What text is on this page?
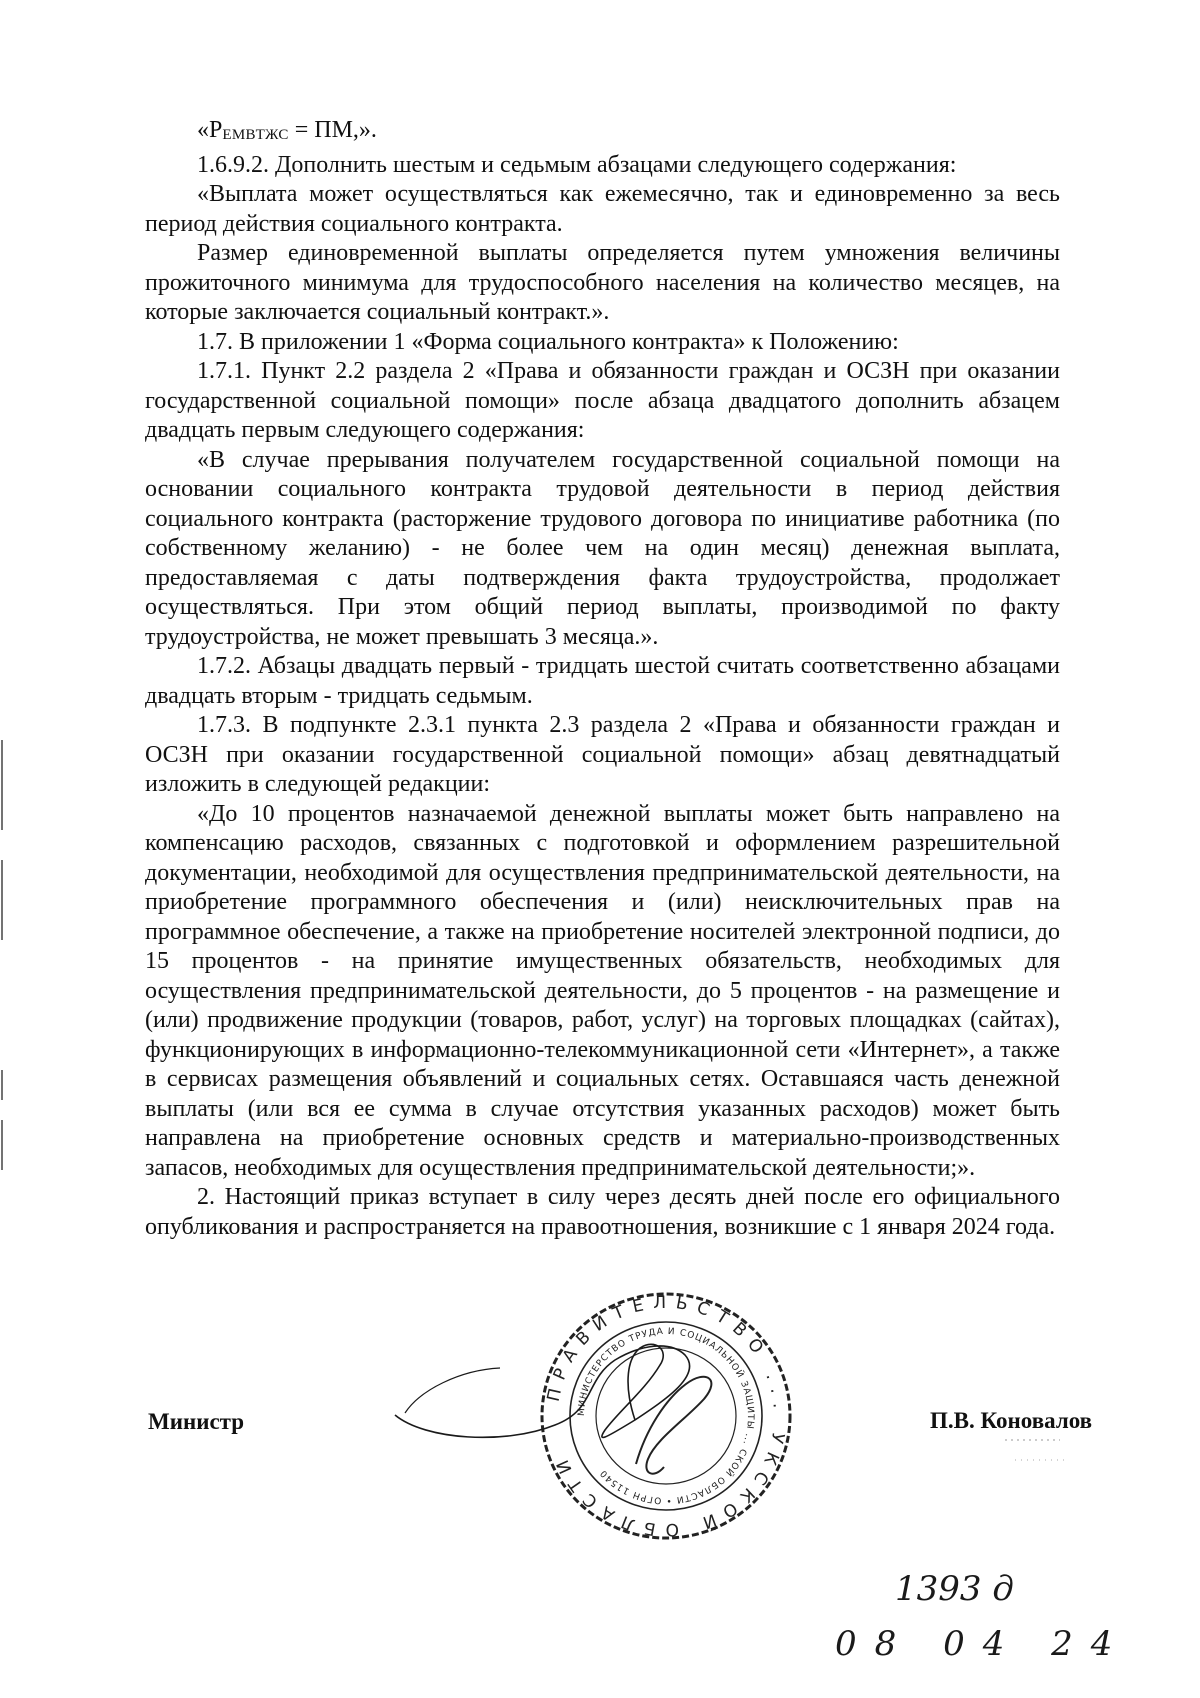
«$Р_{ЕМВТЖС}$ = ПМ,».

1.6.9.2. Дополнить шестым и седьмым абзацами следующего содержания:

«Выплата может осуществляться как ежемесячно, так и единовременно за весь период действия социального контракта.

Размер единовременной выплаты определяется путем умножения величины прожиточного минимума для трудоспособного населения на количество месяцев, на которые заключается социальный контракт.».

1.7. В приложении 1 «Форма социального контракта» к Положению:

1.7.1. Пункт 2.2 раздела 2 «Права и обязанности граждан и ОСЗН при оказании государственной социальной помощи» после абзаца двадцатого дополнить абзацем двадцать первым следующего содержания:

«В случае прерывания получателем государственной социальной помощи на основании социального контракта трудовой деятельности в период действия социального контракта (расторжение трудового договора по инициативе работника (по собственному желанию) - не более чем на один месяц) денежная выплата, предоставляемая с даты подтверждения факта трудоустройства, продолжает осуществляться. При этом общий период выплаты, производимой по факту трудоустройства, не может превышать 3 месяца.».

1.7.2. Абзацы двадцать первый - тридцать шестой считать соответственно абзацами двадцать вторым - тридцать седьмым.

1.7.3. В подпункте 2.3.1 пункта 2.3 раздела 2 «Права и обязанности граждан и ОСЗН при оказании государственной социальной помощи» абзац девятнадцатый изложить в следующей редакции:

«До 10 процентов назначаемой денежной выплаты может быть направлено на компенсацию расходов, связанных с подготовкой и оформлением разрешительной документации, необходимой для осуществления предпринимательской деятельности, на приобретение программного обеспечения и (или) неисключительных прав на программное обеспечение, а также на приобретение носителей электронной подписи, до 15 процентов - на принятие имущественных обязательств, необходимых для осуществления предпринимательской деятельности, до 5 процентов - на размещение и (или) продвижение продукции (товаров, работ, услуг) на торговых площадках (сайтах), функционирующих в информационно-телекоммуникационной сети «Интернет», а также в сервисах размещения объявлений и социальных сетях. Оставшаяся часть денежной выплаты (или вся ее сумма в случае отсутствия указанных расходов) может быть направлена на приобретение основных средств и материально-производственных запасов, необходимых для осуществления предпринимательской деятельности;».

2. Настоящий приказ вступает в силу через десять дней после его официального опубликования и распространяется на правоотношения, возникшие с 1 января 2024 года.

Министр	П.В. Коновалов
ПРАВИТЕЛЬСТВО ... УКСКОЙ ОБЛАСТИ
МИНИСТЕРСТВО ТРУДА И СОЦИАЛЬНОЙ ЗАЩИТЫ ... СКОЙ ОБЛАСТИ • ОГРН 11540
1393 д
08 04 24
